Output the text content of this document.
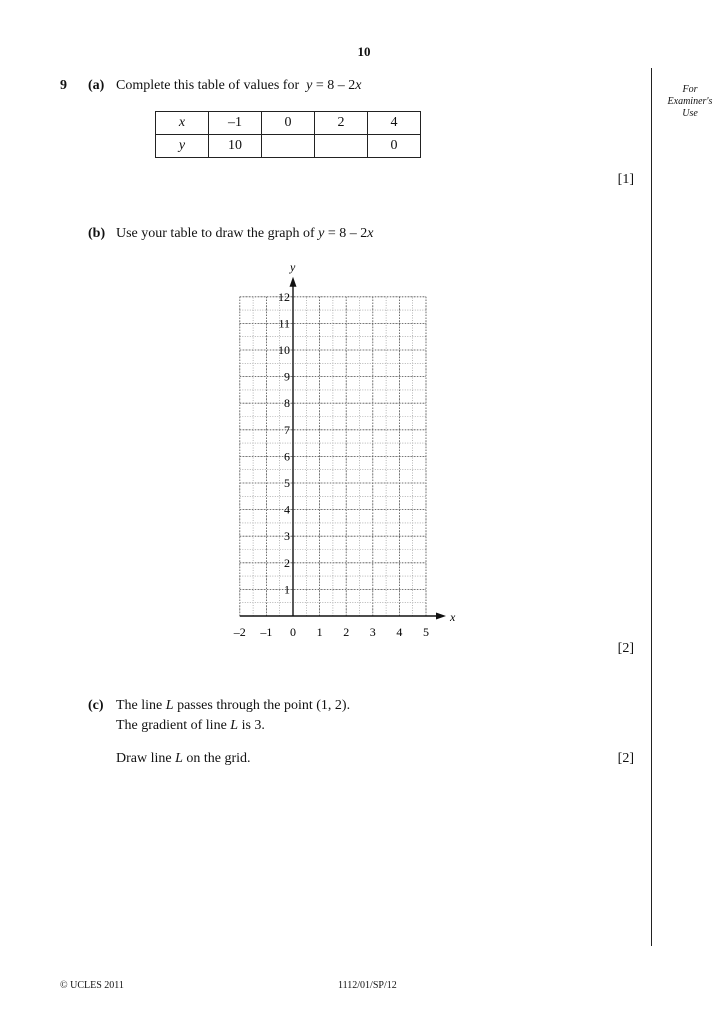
10
For
Examiner's
Use
9 (a) Complete this table of values for  y = 8 – 2x
x	–1	0	2	4
y	10			0
[1]
(b) Use your table to draw the graph of y = 8 – 2x
x
y
–2 –1 0 1 2 3 4 5
1
2
3
4
5
6
7
8
9
10
11
12
[2]
(c) The line L passes through the point (1, 2).
The gradient of line L is 3.
Draw line L on the grid.	[2]
© UCLES 2011	1112/01/SP/12
